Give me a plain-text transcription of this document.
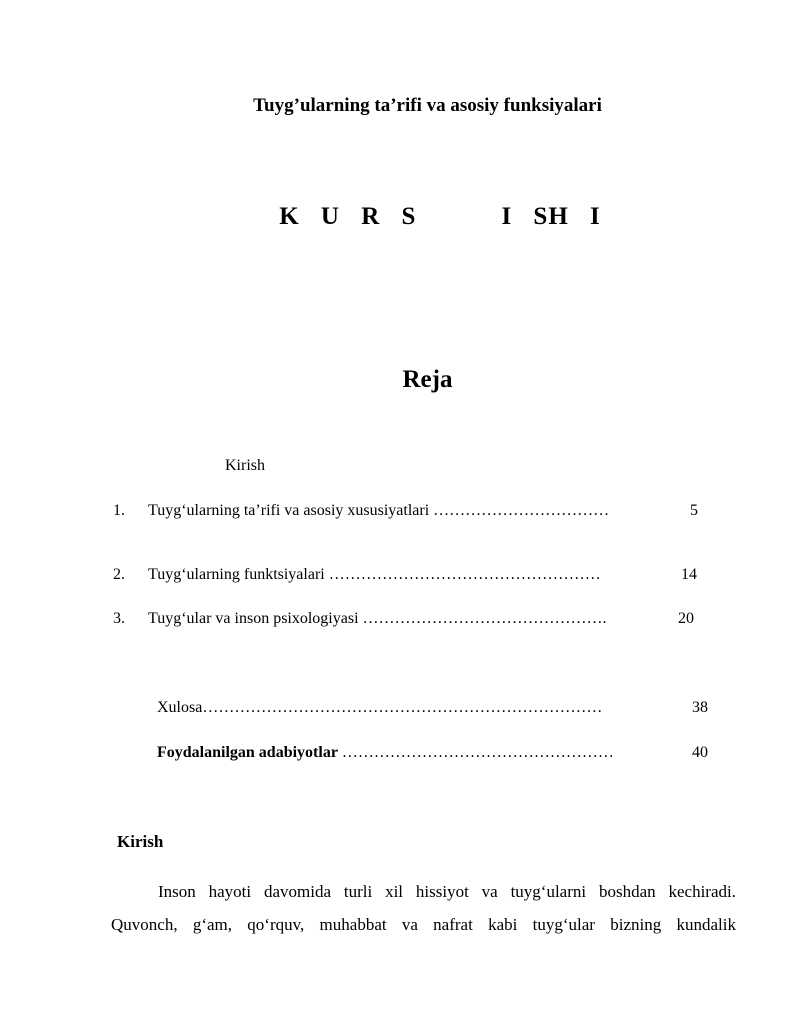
Tuyg’ularning ta’rifi va asosiy funksiyalari
K U R S    I SH I
Reja
Kirish
1. Tuyg‘ularning ta’rifi va asosiy xususiyatlari ……………………………	5
2. Tuyg‘ularning funktsiyalari ……………………………………………	14
3. Tuyg‘ular va inson psixologiyasi ……………………………………….	20
Xulosa…………………………………………………………………	38
Foydalanilgan adabiyotlar ……………………………………………	40
Kirish
Inson hayoti davomida turli xil hissiyot va tuyg‘ularni boshdan kechiradi.
Quvonch, g‘am, qo‘rquv, muhabbat va nafrat kabi tuyg‘ular bizning kundalik
